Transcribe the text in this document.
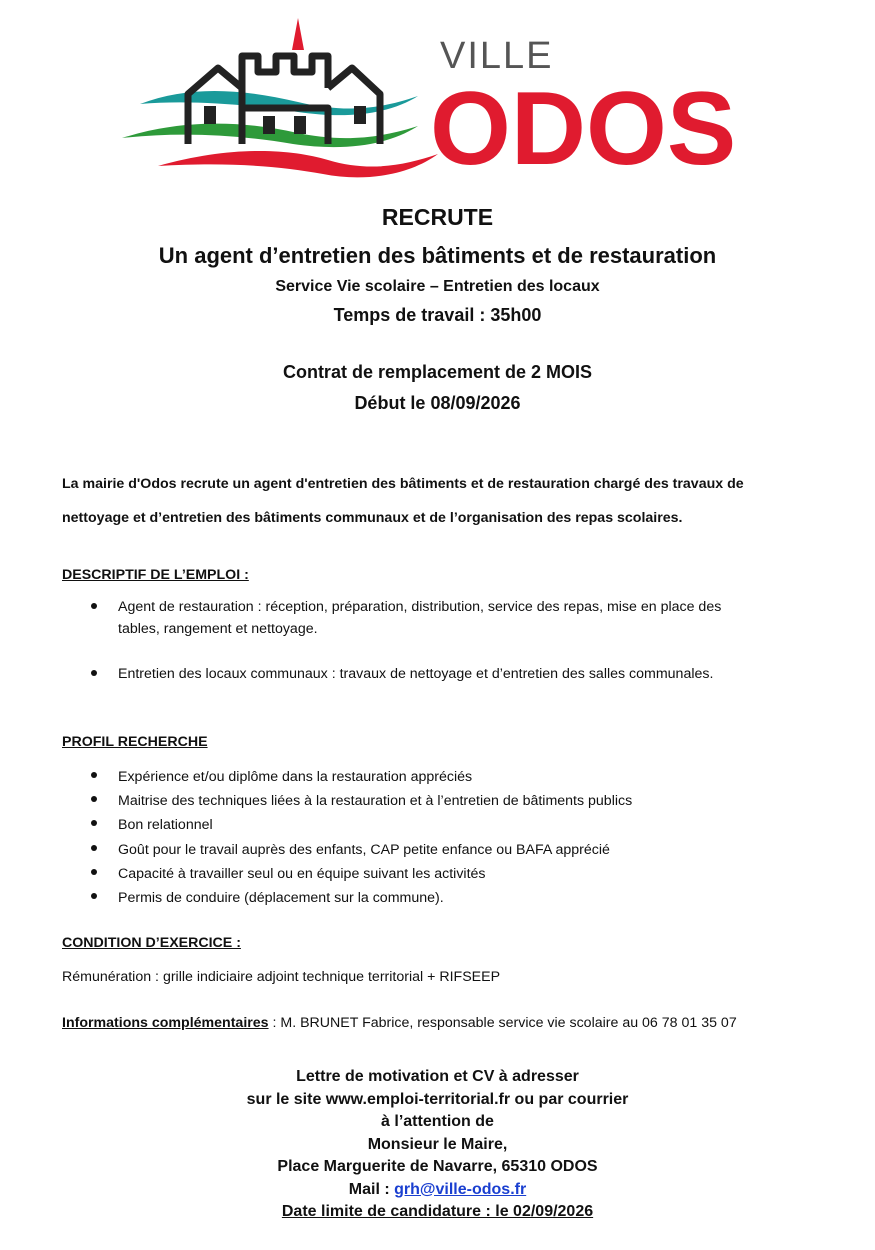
VILLE
ODOS
RECRUTE
Un agent d’entretien des bâtiments et de restauration
Service Vie scolaire – Entretien des locaux
Temps de travail : 35h00
Contrat de remplacement de 2 MOIS
Début le 08/09/2026
La mairie d'Odos recrute un agent d'entretien des bâtiments et de restauration chargé des travaux de
nettoyage et d’entretien des bâtiments communaux et de l’organisation des repas scolaires.
DESCRIPTIF DE L’EMPLOI :
Agent de restauration : réception, préparation, distribution, service des repas, mise en place des
tables, rangement et nettoyage.
Entretien des locaux communaux : travaux de nettoyage et d’entretien des salles communales.
PROFIL RECHERCHE
Expérience et/ou diplôme dans la restauration appréciés
Maitrise des techniques liées à la restauration et à l’entretien de bâtiments publics
Bon relationnel
Goût pour le travail auprès des enfants, CAP petite enfance ou BAFA apprécié
Capacité à travailler seul ou en équipe suivant les activités
Permis de conduire (déplacement sur la commune).
CONDITION D’EXERCICE :
Rémunération : grille indiciaire adjoint technique territorial + RIFSEEP
Informations complémentaires : M. BRUNET Fabrice, responsable service vie scolaire au 06 78 01 35 07
Lettre de motivation et CV à adresser
sur le site www.emploi-territorial.fr ou par courrier
à l’attention de
Monsieur le Maire,
Place Marguerite de Navarre, 65310 ODOS
Mail : grh@ville-odos.fr
Date limite de candidature : le 02/09/2026
